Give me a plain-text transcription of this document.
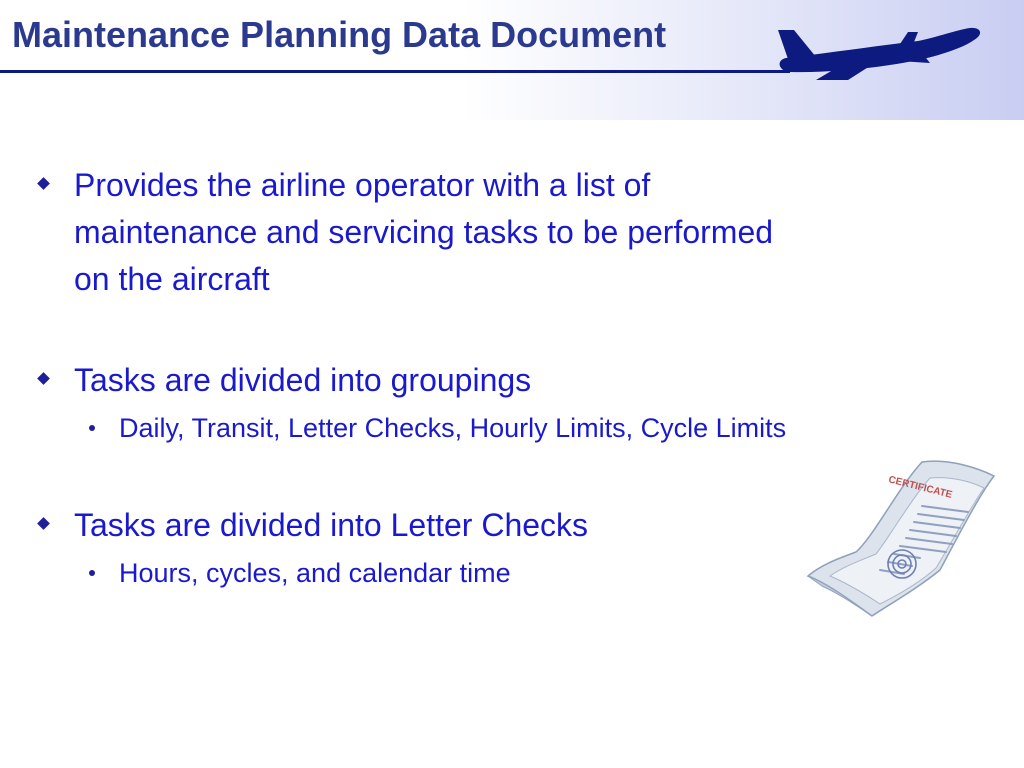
Maintenance Planning Data Document
Provides the airline operator with a list of maintenance and servicing tasks to be performed on the aircraft
Tasks are divided into groupings
Daily, Transit, Letter Checks, Hourly Limits, Cycle Limits
Tasks are divided into Letter Checks
Hours, cycles, and calendar time
CERTIFICATE
